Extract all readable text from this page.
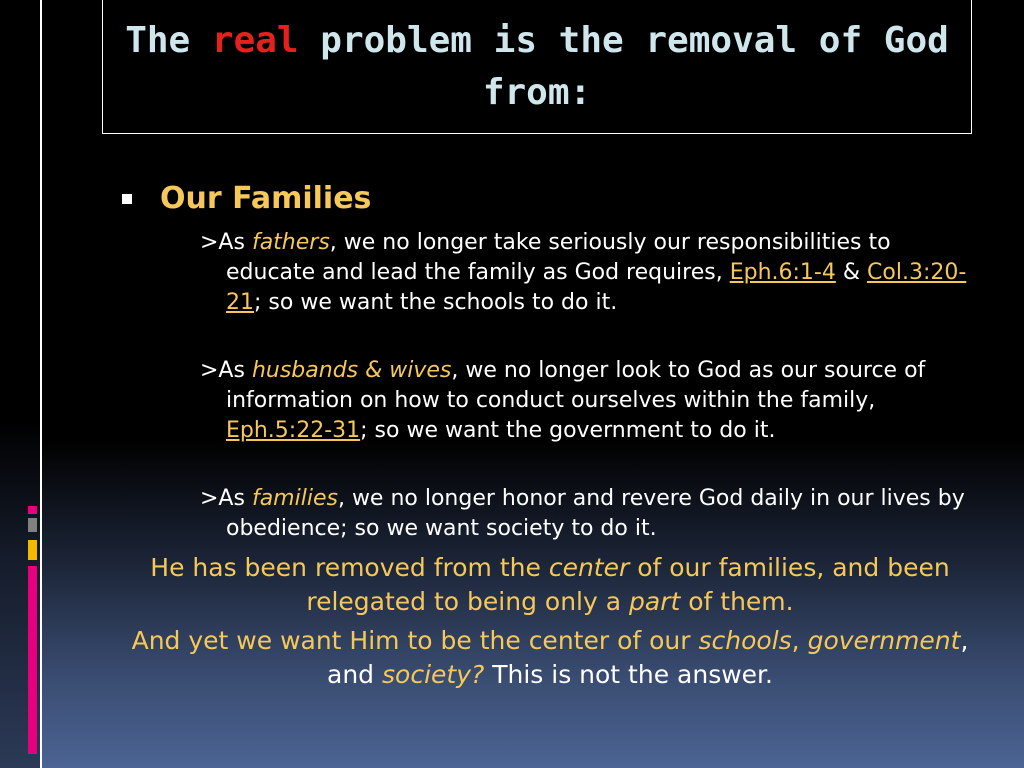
The real problem is the removal of God from:
Our Families

>As fathers, we no longer take seriously our responsibilities to educate and lead the family as God requires, Eph.6:1-4 & Col.3:20-21; so we want the schools to do it.

>As husbands & wives, we no longer look to God as our source of information on how to conduct ourselves within the family, Eph.5:22-31; so we want the government to do it.

>As families, we no longer honor and revere God daily in our lives by obedience; so we want society to do it.

He has been removed from the center of our families, and been relegated to being only a part of them.

And yet we want Him to be the center of our schools, government, and society? This is not the answer.
